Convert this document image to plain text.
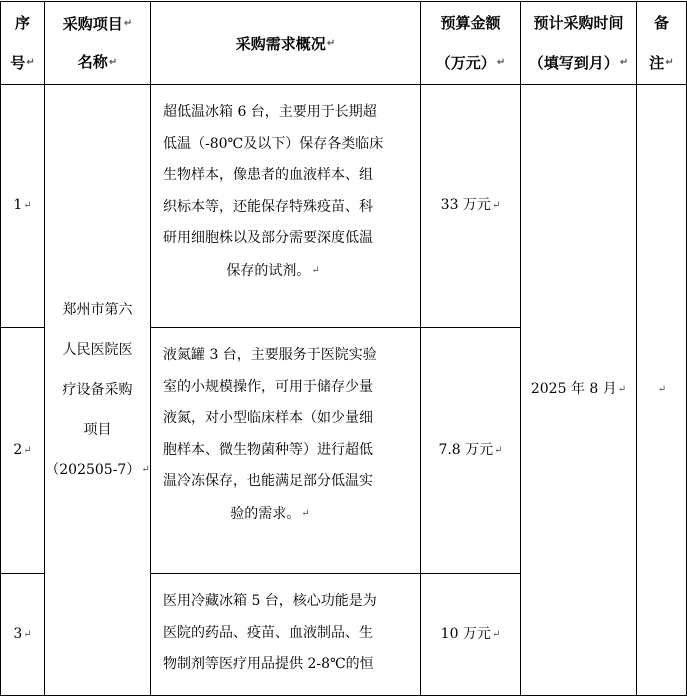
序
号↵
采购项目↵
名称↵
采购需求概况 ↵
预算金额
（万元）↵
预计采购时间
（填写到月）↵
备
注↵
1 ↵
2 ↵
3 ↵
郑州市第六
人民医院医
疗设备采购
项目
（202505-7）↵
超低温冰箱 6 台，主要用于长期超
低温（-80℃及以下）保存各类临床
生物样本，像患者的血液样本、组
织标本等，还能保存特殊疫苗、科
研用细胞株以及部分需要深度低温
保存的试剂。↵
液氮罐 3 台，主要服务于医院实验
室的小规模操作，可用于储存少量
液氮，对小型临床样本（如少量细
胞样本、微生物菌种等）进行超低
温冷冻保存，也能满足部分低温实
验的需求。↵
医用冷藏冰箱 5 台，核心功能是为
医院的药品、疫苗、血液制品、生
物制剂等医疗用品提供 2-8℃的恒
33 万元 ↵
7.8 万元 ↵
10 万元 ↵
2025 年 8 月 ↵	↵
